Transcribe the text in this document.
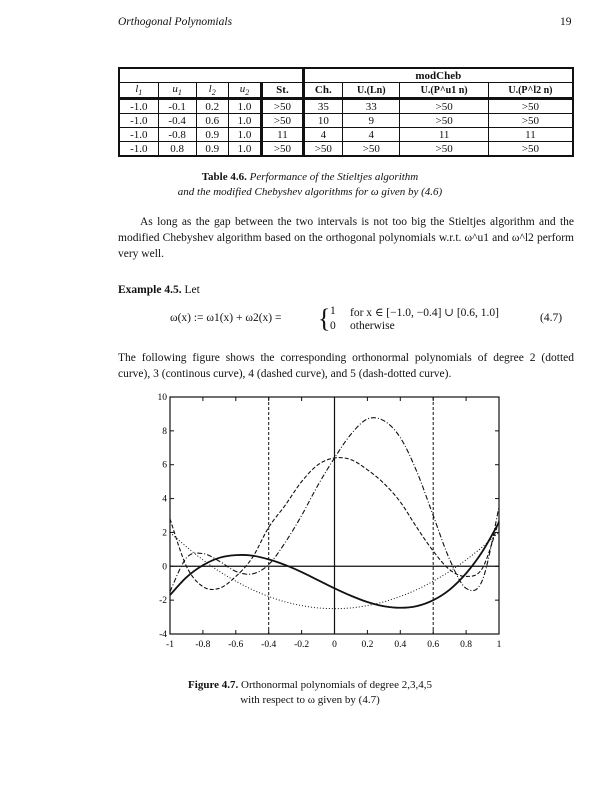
Orthogonal Polynomials	19
					modCheb			
$l_1$	$u_1$	$l_2$	$u_2$	St.	Ch.	U.(Ln)	U.(P^u1 n)	U.(P^l2 n)
-1.0	-0.1	0.2	1.0	>50	35	33	>50	>50
-1.0	-0.4	0.6	1.0	>50	10	9	>50	>50
-1.0	-0.8	0.9	1.0	11	4	4	11	11
-1.0	0.8	0.9	1.0	>50	>50	>50	>50	>50
Table 4.6. Performance of the Stieltjes algorithm
and the modified Chebyshev algorithms for ω given by (4.6)
As long as the gap between the two intervals is not too big the Stieltjes algorithm and the modified Chebyshev algorithm based on the orthogonal polynomials w.r.t. ω^u1 and ω^l2 perform very well.
Example 4.5. Let
ω(x) := ω1(x) + ω2(x) = { 1 for x ∈ [−1.0, −0.4] ∪ [0.6, 1.0]
0 otherwise
(4.7)
The following figure shows the corresponding orthonormal polynomials of degree 2 (dotted curve), 3 (continous curve), 4 (dashed curve), and 5 (dash-dotted curve).
-1 -0.8 -0.6 -0.4 -0.2 0	0.2 0.4 0.6 0.8	1
10
8
6
4
2
0
-2
-4
Figure 4.7. Orthonormal polynomials of degree 2,3,4,5
with respect to ω given by (4.7)
